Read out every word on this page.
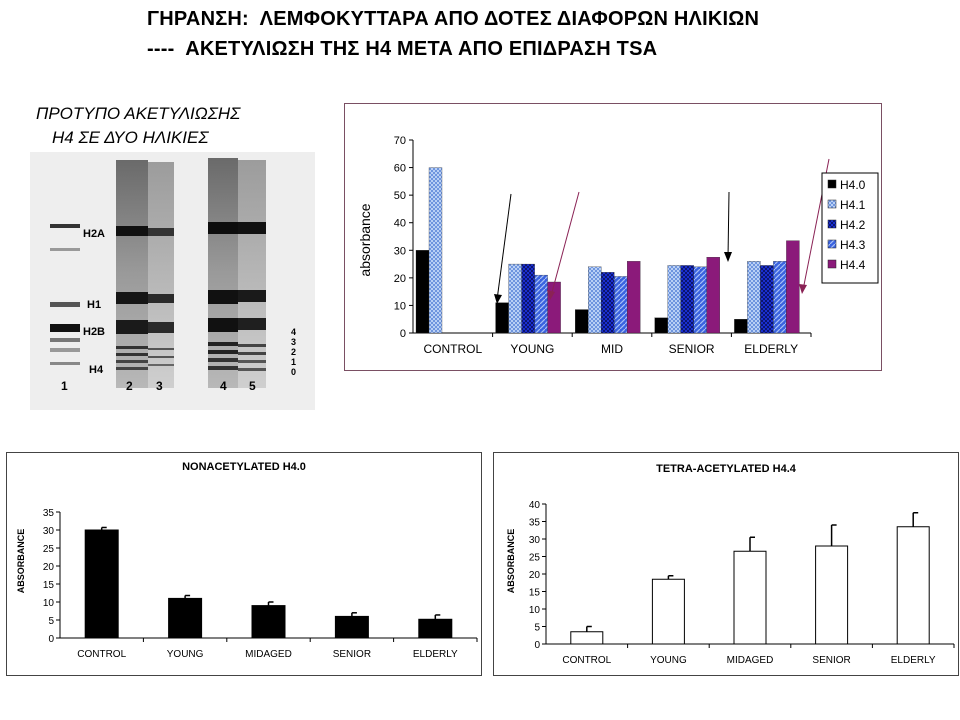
ΓΗΡΑΝΣΗ:  ΛΕΜΦΟΚΥΤΤΑΡΑ ΑΠΟ ΔΟΤΕΣ ΔΙΑΦΟΡΩΝ ΗΛΙΚΙΩΝ
----  ΑΚΕΤΥΛΙΩΣΗ ΤΗΣ Η4 ΜΕΤΑ ΑΠΟ ΕΠΙΔΡΑΣΗ TSA
ΠΡΟΤΥΠΟ ΑΚΕΤΥΛΙΩΣΗΣ
Η4 ΣΕ ΔΥΟ ΗΛΙΚΙΕΣ
H2A
H1
H2B
H4
1	2 3	4 5
4
3
2
1
0
0
10
20
30
40
50
60
70
CONTROL YOUNG	MID	SENIOR ELDERLY
absorbance
H4.0
H4.1
H4.2
H4.3
H4.4
NONACETYLATED H4.0
ABSORBANCE
0
5
10
15
20
25
30
35
CONTROL	YOUNG	MIDAGED	SENIOR	ELDERLY
TETRA-ACETYLATED H4.4
ABSORBANCE
0
5
10
15
20
25
30
35
40
CONTROL	YOUNG	MIDAGED	SENIOR	ELDERLY
